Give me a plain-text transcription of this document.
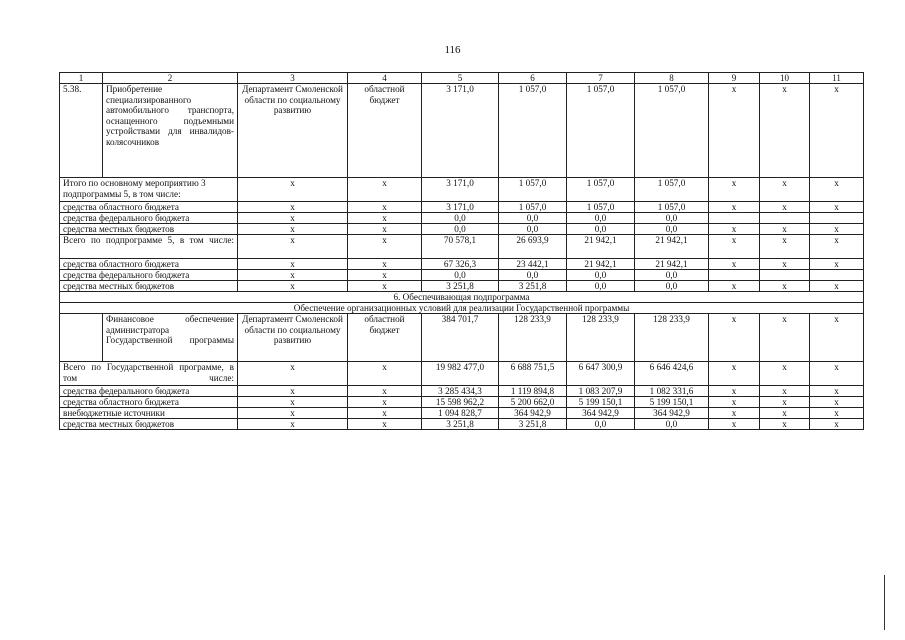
116
1	2	3	4	5	6	7	8	9	10	11
5.38.	Приобретение специализированного автомобильного транспорта, оснащенного подъемными устройствами для инвалидов-колясочников	Департамент Смоленской области по социальному развитию	областной бюджет	3 171,0	1 057,0	1 057,0	1 057,0	х	х	х
Итого по основному мероприятию 3 подпрограммы 5, в том числе:		х	х	3 171,0	1 057,0	1 057,0	1 057,0	х	х	х
средства областного бюджета		х	х	3 171,0	1 057,0	1 057,0	1 057,0	х	х	х
средства федерального бюджета		х	х	0,0	0,0	0,0	0,0			
средства местных бюджетов		х	х	0,0	0,0	0,0	0,0	х	х	х
Всего по подпрограмме 5, в том числе:		х	х	70 578,1	26 693,9	21 942,1	21 942,1	х	х	х
средства областного бюджета		х	х	67 326,3	23 442,1	21 942,1	21 942,1	х	х	х
средства федерального бюджета		х	х	0,0	0,0	0,0	0,0			
средства местных бюджетов		х	х	3 251,8	3 251,8	0,0	0,0	х	х	х
6. Обеспечивающая подпрограмма										
Обеспечение организационных условий для реализации Государственной программы										
	Финансовое обеспечение администратора Государственной программы	Департамент Смоленской области по социальному развитию	областной бюджет	384 701,7	128 233,9	128 233,9	128 233,9	х	х	х
Всего по Государственной программе, в том числе:		х	х	19 982 477,0	6 688 751,5	6 647 300,9	6 646 424,6	х	х	х
средства федерального бюджета		х	х	3 285 434,3	1 119 894,8	1 083 207,9	1 082 331,6	х	х	х
средства областного бюджета		х	х	15 598 962,2	5 200 662,0	5 199 150,1	5 199 150,1	х	х	х
внебюджетные источники		х	х	1 094 828,7	364 942,9	364 942,9	364 942,9	х	х	х
средства местных бюджетов		х	х	3 251,8	3 251,8	0,0	0,0	х	х	х
